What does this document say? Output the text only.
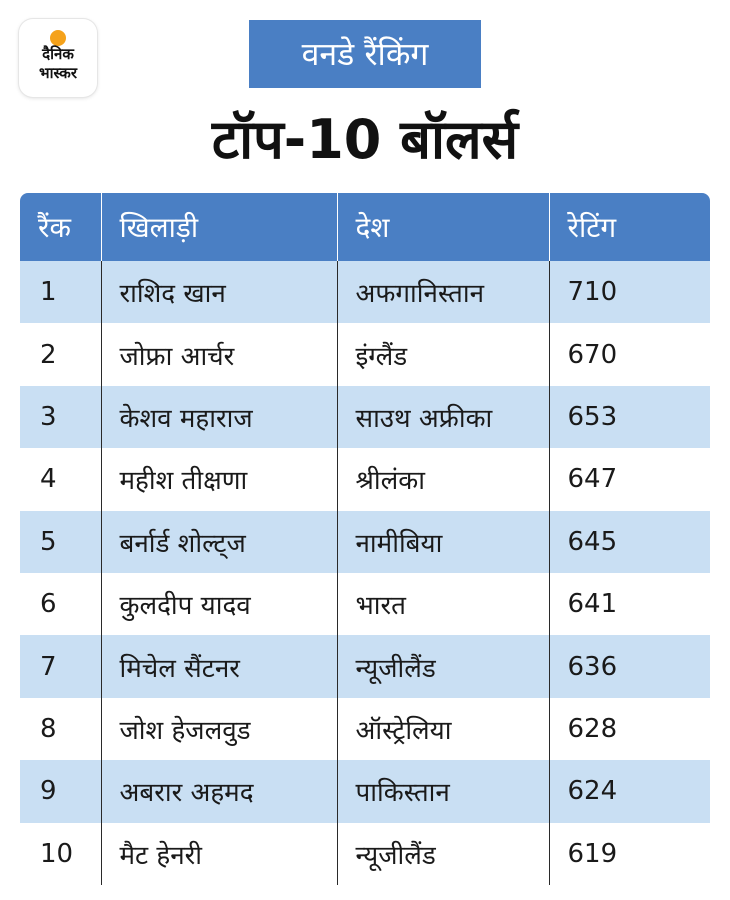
दैनिक
भास्कर	वनडे रैंकिंग
टॉप-10 बॉलर्स
रैंक	खिलाड़ी	देश	रेटिंग
1	राशिद खान	अफगानिस्तान	710
2	जोफ्रा आर्चर	इंग्लैंड	670
3	केशव महाराज	साउथ अफ्रीका	653
4	महीश तीक्षणा	श्रीलंका	647
5	बर्नार्ड शोल्ट्ज	नामीबिया	645
6	कुलदीप यादव	भारत	641
7	मिचेल सैंटनर	न्यूजीलैंड	636
8	जोश हेजलवुड	ऑस्ट्रेलिया	628
9	अबरार अहमद	पाकिस्तान	624
10	मैट हेनरी	न्यूजीलैंड	619
